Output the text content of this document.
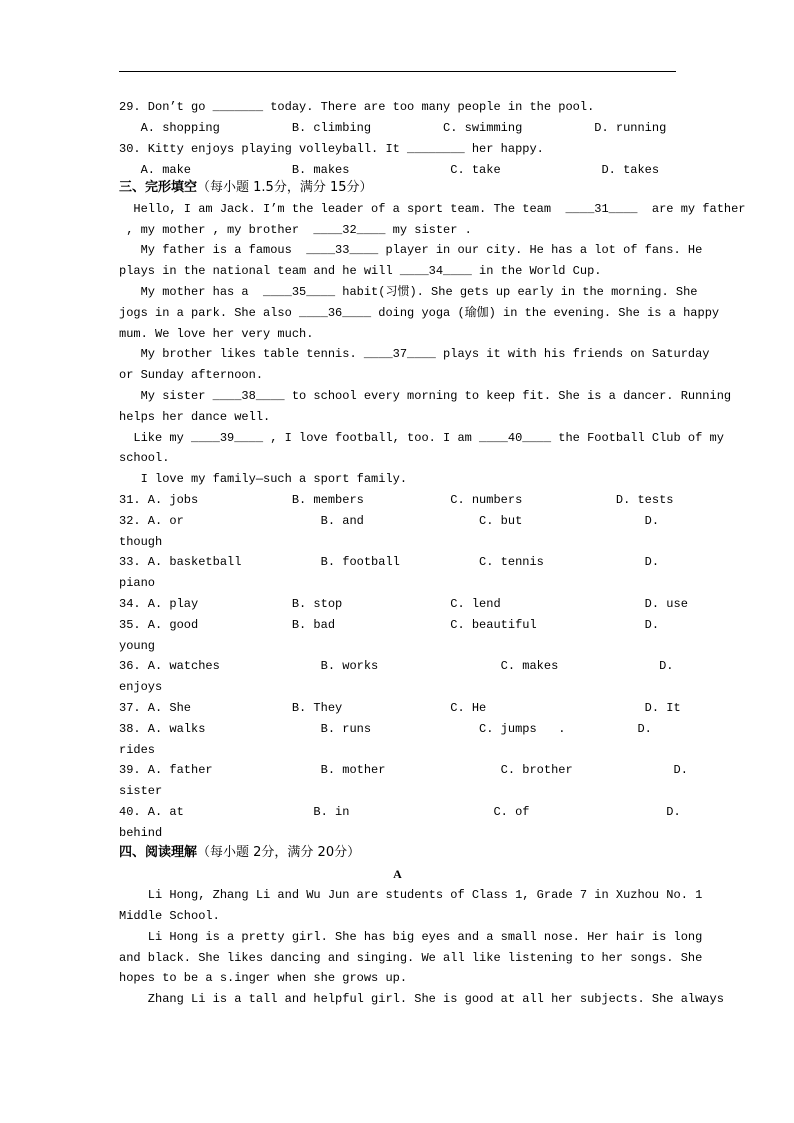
29. Don’t go _______ today. There are too many people in the pool.
A. shopping          B. climbing          C. swimming          D. running
30. Kitty enjoys playing volleyball. It ________ her happy.
A. make              B. makes              C. take              D. takes
三、完形填空（每小题 1.5分，满分 15分）
Hello, I am Jack. I’m the leader of a sport team. The team  ____31____  are my father
, my mother , my brother  ____32____ my sister .
My father is a famous  ____33____ player in our city. He has a lot of fans. He
plays in the national team and he will ____34____ in the World Cup.
My mother has a  ____35____ habit(习惯). She gets up early in the morning. She
jogs in a park. She also ____36____ doing yoga (瑜伽) in the evening. She is a happy
mum. We love her very much.
My brother likes table tennis. ____37____ plays it with his friends on Saturday
or Sunday afternoon.
My sister ____38____ to school every morning to keep fit. She is a dancer. Running
helps her dance well.
Like my ____39____ , I love football, too. I am ____40____ the Football Club of my
school.
I love my family—such a sport family.
31. A. jobs             B. members            C. numbers             D. tests
32. A. or                   B. and                C. but                 D.
though
33. A. basketball           B. football           C. tennis              D.
piano
34. A. play             B. stop               C. lend                    D. use
35. A. good             B. bad                C. beautiful               D.
young
36. A. watches              B. works                 C. makes              D.
enjoys
37. A. She              B. They               C. He                      D. It
38. A. walks                B. runs               C. jumps   .          D.
rides
39. A. father               B. mother                C. brother              D.
sister
40. A. at                  B. in                    C. of                   D.
behind
四、阅读理解（每小题 2分，满分 20分）
A
Li Hong, Zhang Li and Wu Jun are students of Class 1, Grade 7 in Xuzhou No. 1
Middle School.
Li Hong is a pretty girl. She has big eyes and a small nose. Her hair is long
and black. She likes dancing and singing. We all like listening to her songs. She
hopes to be a s.inger when she grows up.
Zhang Li is a tall and helpful girl. She is good at all her subjects. She always
